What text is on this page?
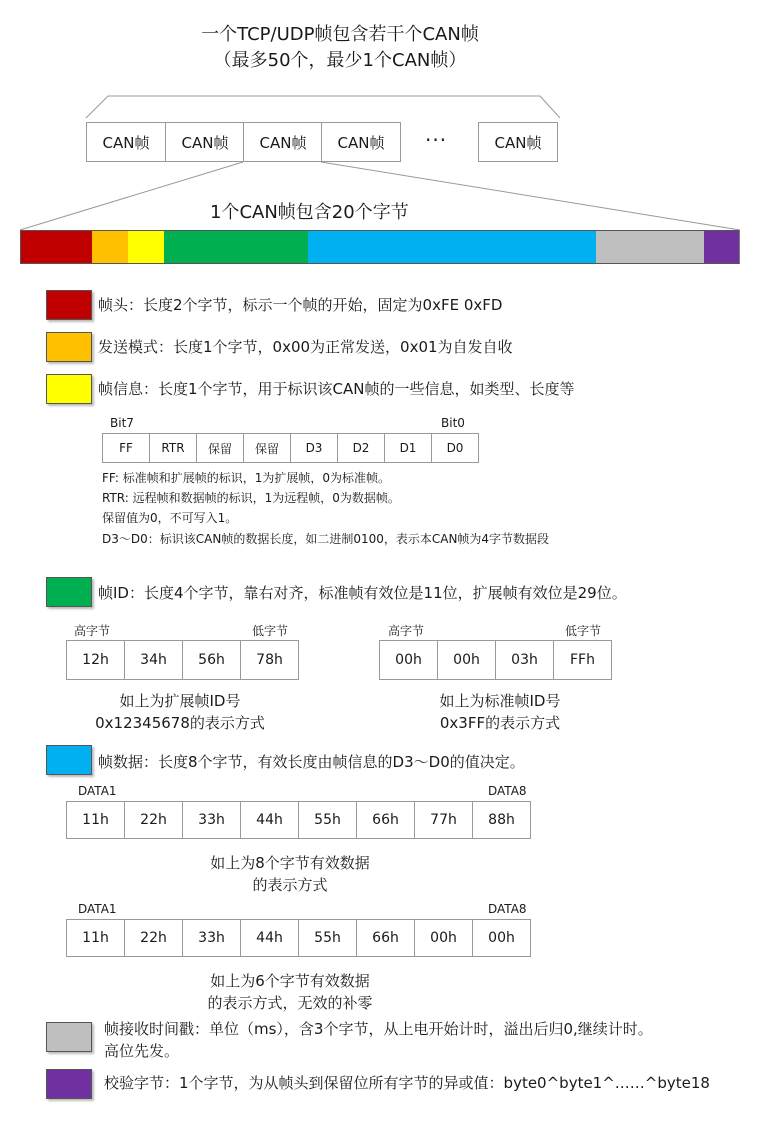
一个TCP/UDP帧包含若干个CAN帧
（最多50个，最少1个CAN帧）
CAN帧 CAN帧 CAN帧 CAN帧 ···	CAN帧
1个CAN帧包含20个字节
帧头：长度2个字节，标示一个帧的开始，固定为0xFE 0xFD
发送模式：长度1个字节，0x00为正常发送，0x01为自发自收
帧信息：长度1个字节，用于标识该CAN帧的一些信息，如类型、长度等
Bit7	Bit0
FF	RTR	保留	保留	D3	D2	D1	D0
FF: 标准帧和扩展帧的标识，1为扩展帧，0为标准帧。
RTR: 远程帧和数据帧的标识，1为远程帧，0为数据帧。
保留值为0，不可写入1。
D3～D0：标识该CAN帧的数据长度，如二进制0100，表示本CAN帧为4字节数据段
帧ID：长度4个字节，靠右对齐，标准帧有效位是11位，扩展帧有效位是29位。
高字节	低字节
12h	34h	56h	78h
如上为扩展帧ID号
0x12345678的表示方式
高字节	低字节
00h	00h	03h	FFh
如上为标准帧ID号
0x3FF的表示方式
帧数据：长度8个字节，有效长度由帧信息的D3～D0的值决定。
DATA1	DATA8
11h	22h	33h	44h	55h	66h	77h	88h
如上为8个字节有效数据
的表示方式
DATA1	DATA8
11h	22h	33h	44h	55h	66h	00h	00h
如上为6个字节有效数据
的表示方式，无效的补零
帧接收时间戳：单位（ms），含3个字节，从上电开始计时，溢出后归0,继续计时。
高位先发。
校验字节：1个字节，为从帧头到保留位所有字节的异或值：byte0^byte1^……^byte18
